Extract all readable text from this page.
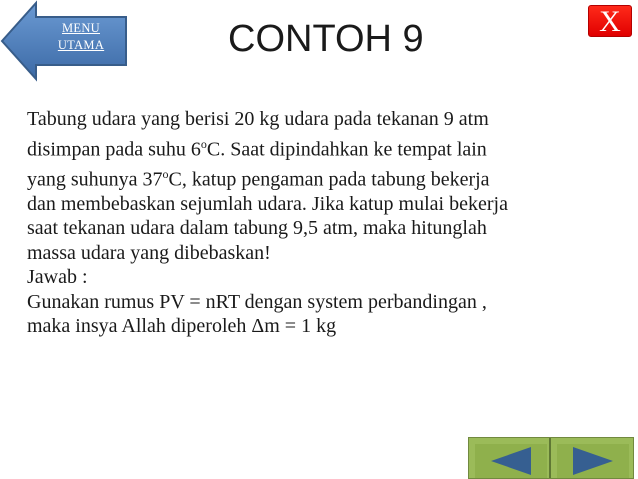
MENU
UTAMA	CONTOH 9	X

Tabung udara yang berisi 20 kg udara pada tekanan 9 atm

disimpan pada suhu 6$^o$C. Saat dipindahkan ke tempat lain

yang suhunya 37$^o$C, katup pengaman pada tabung bekerja

dan membebaskan sejumlah udara. Jika katup mulai bekerja

saat tekanan udara dalam tabung 9,5 atm, maka hitunglah

massa udara yang dibebaskan!

Jawab :

Gunakan rumus PV = nRT dengan system perbandingan ,

maka insya Allah diperoleh Δm = 1 kg
